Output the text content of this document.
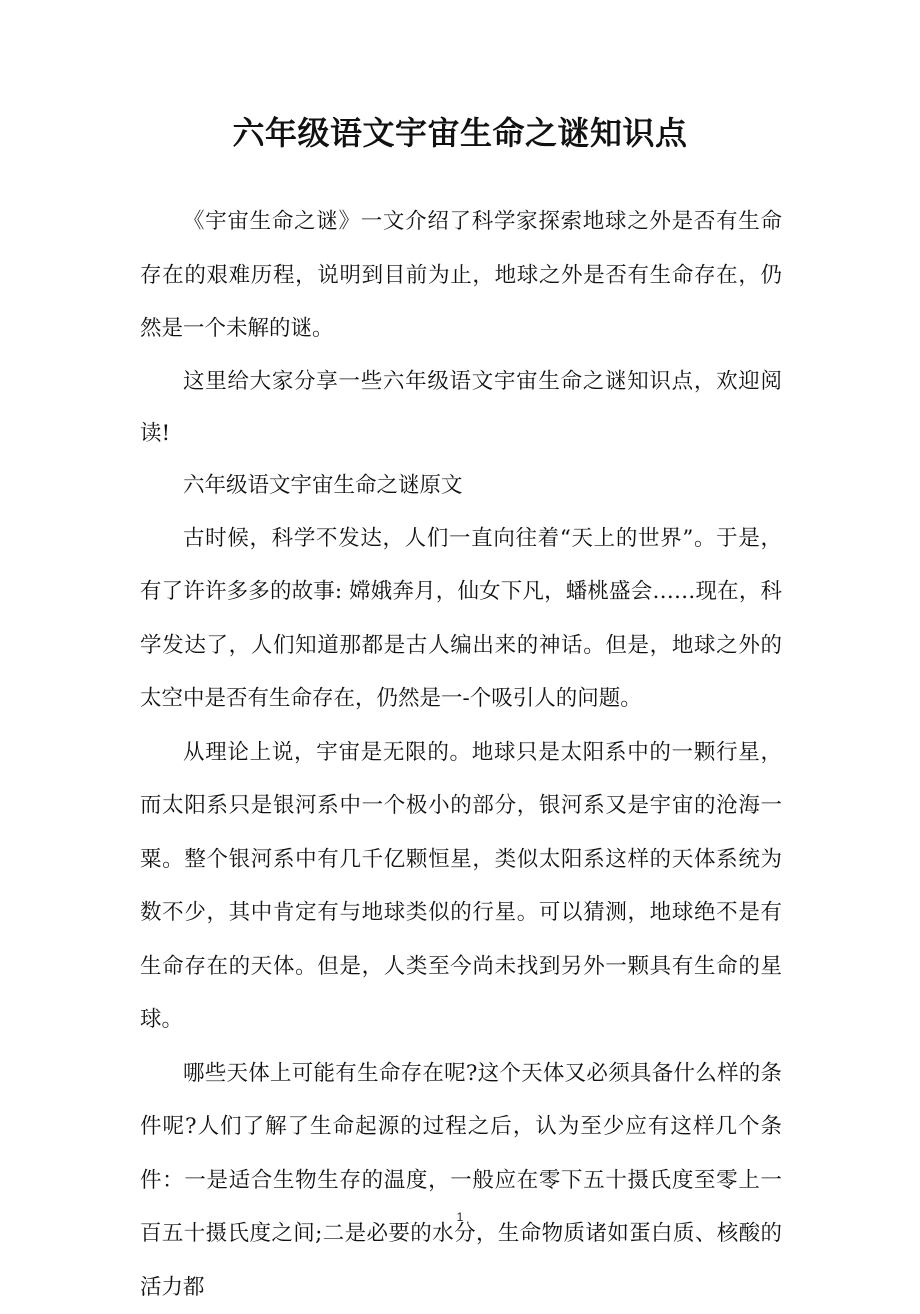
六年级语文宇宙生命之谜知识点

《宇宙生命之谜》一文介绍了科学家探索地球之外是否有生命存在的艰难历程，说明到目前为止，地球之外是否有生命存在，仍然是一个未解的谜。

这里给大家分享一些六年级语文宇宙生命之谜知识点，欢迎阅读!

六年级语文宇宙生命之谜原文

古时候，科学不发达，人们一直向往着“天上的世界”。于是，有了许许多多的故事: 嫦娥奔月，仙女下凡，蟠桃盛会……现在，科学发达了，人们知道那都是古人编出来的神话。但是，地球之外的太空中是否有生命存在，仍然是一-个吸引人的问题。

从理论上说，宇宙是无限的。地球只是太阳系中的一颗行星，而太阳系只是银河系中一个极小的部分，银河系又是宇宙的沧海一粟。整个银河系中有几千亿颗恒星，类似太阳系这样的天体系统为数不少，其中肯定有与地球类似的行星。可以猜测，地球绝不是有生命存在的天体。但是，人类至今尚未找到另外一颗具有生命的星球。

哪些天体上可能有生命存在呢?这个天体又必须具备什么样的条件呢?人们了解了生命起源的过程之后，认为至少应有这样几个条件：一是适合生物生存的温度，一般应在零下五十摄氏度至零上一百五十摄氏度之间;二是必要的水分，生命物质诸如蛋白质、核酸的活力都

1
